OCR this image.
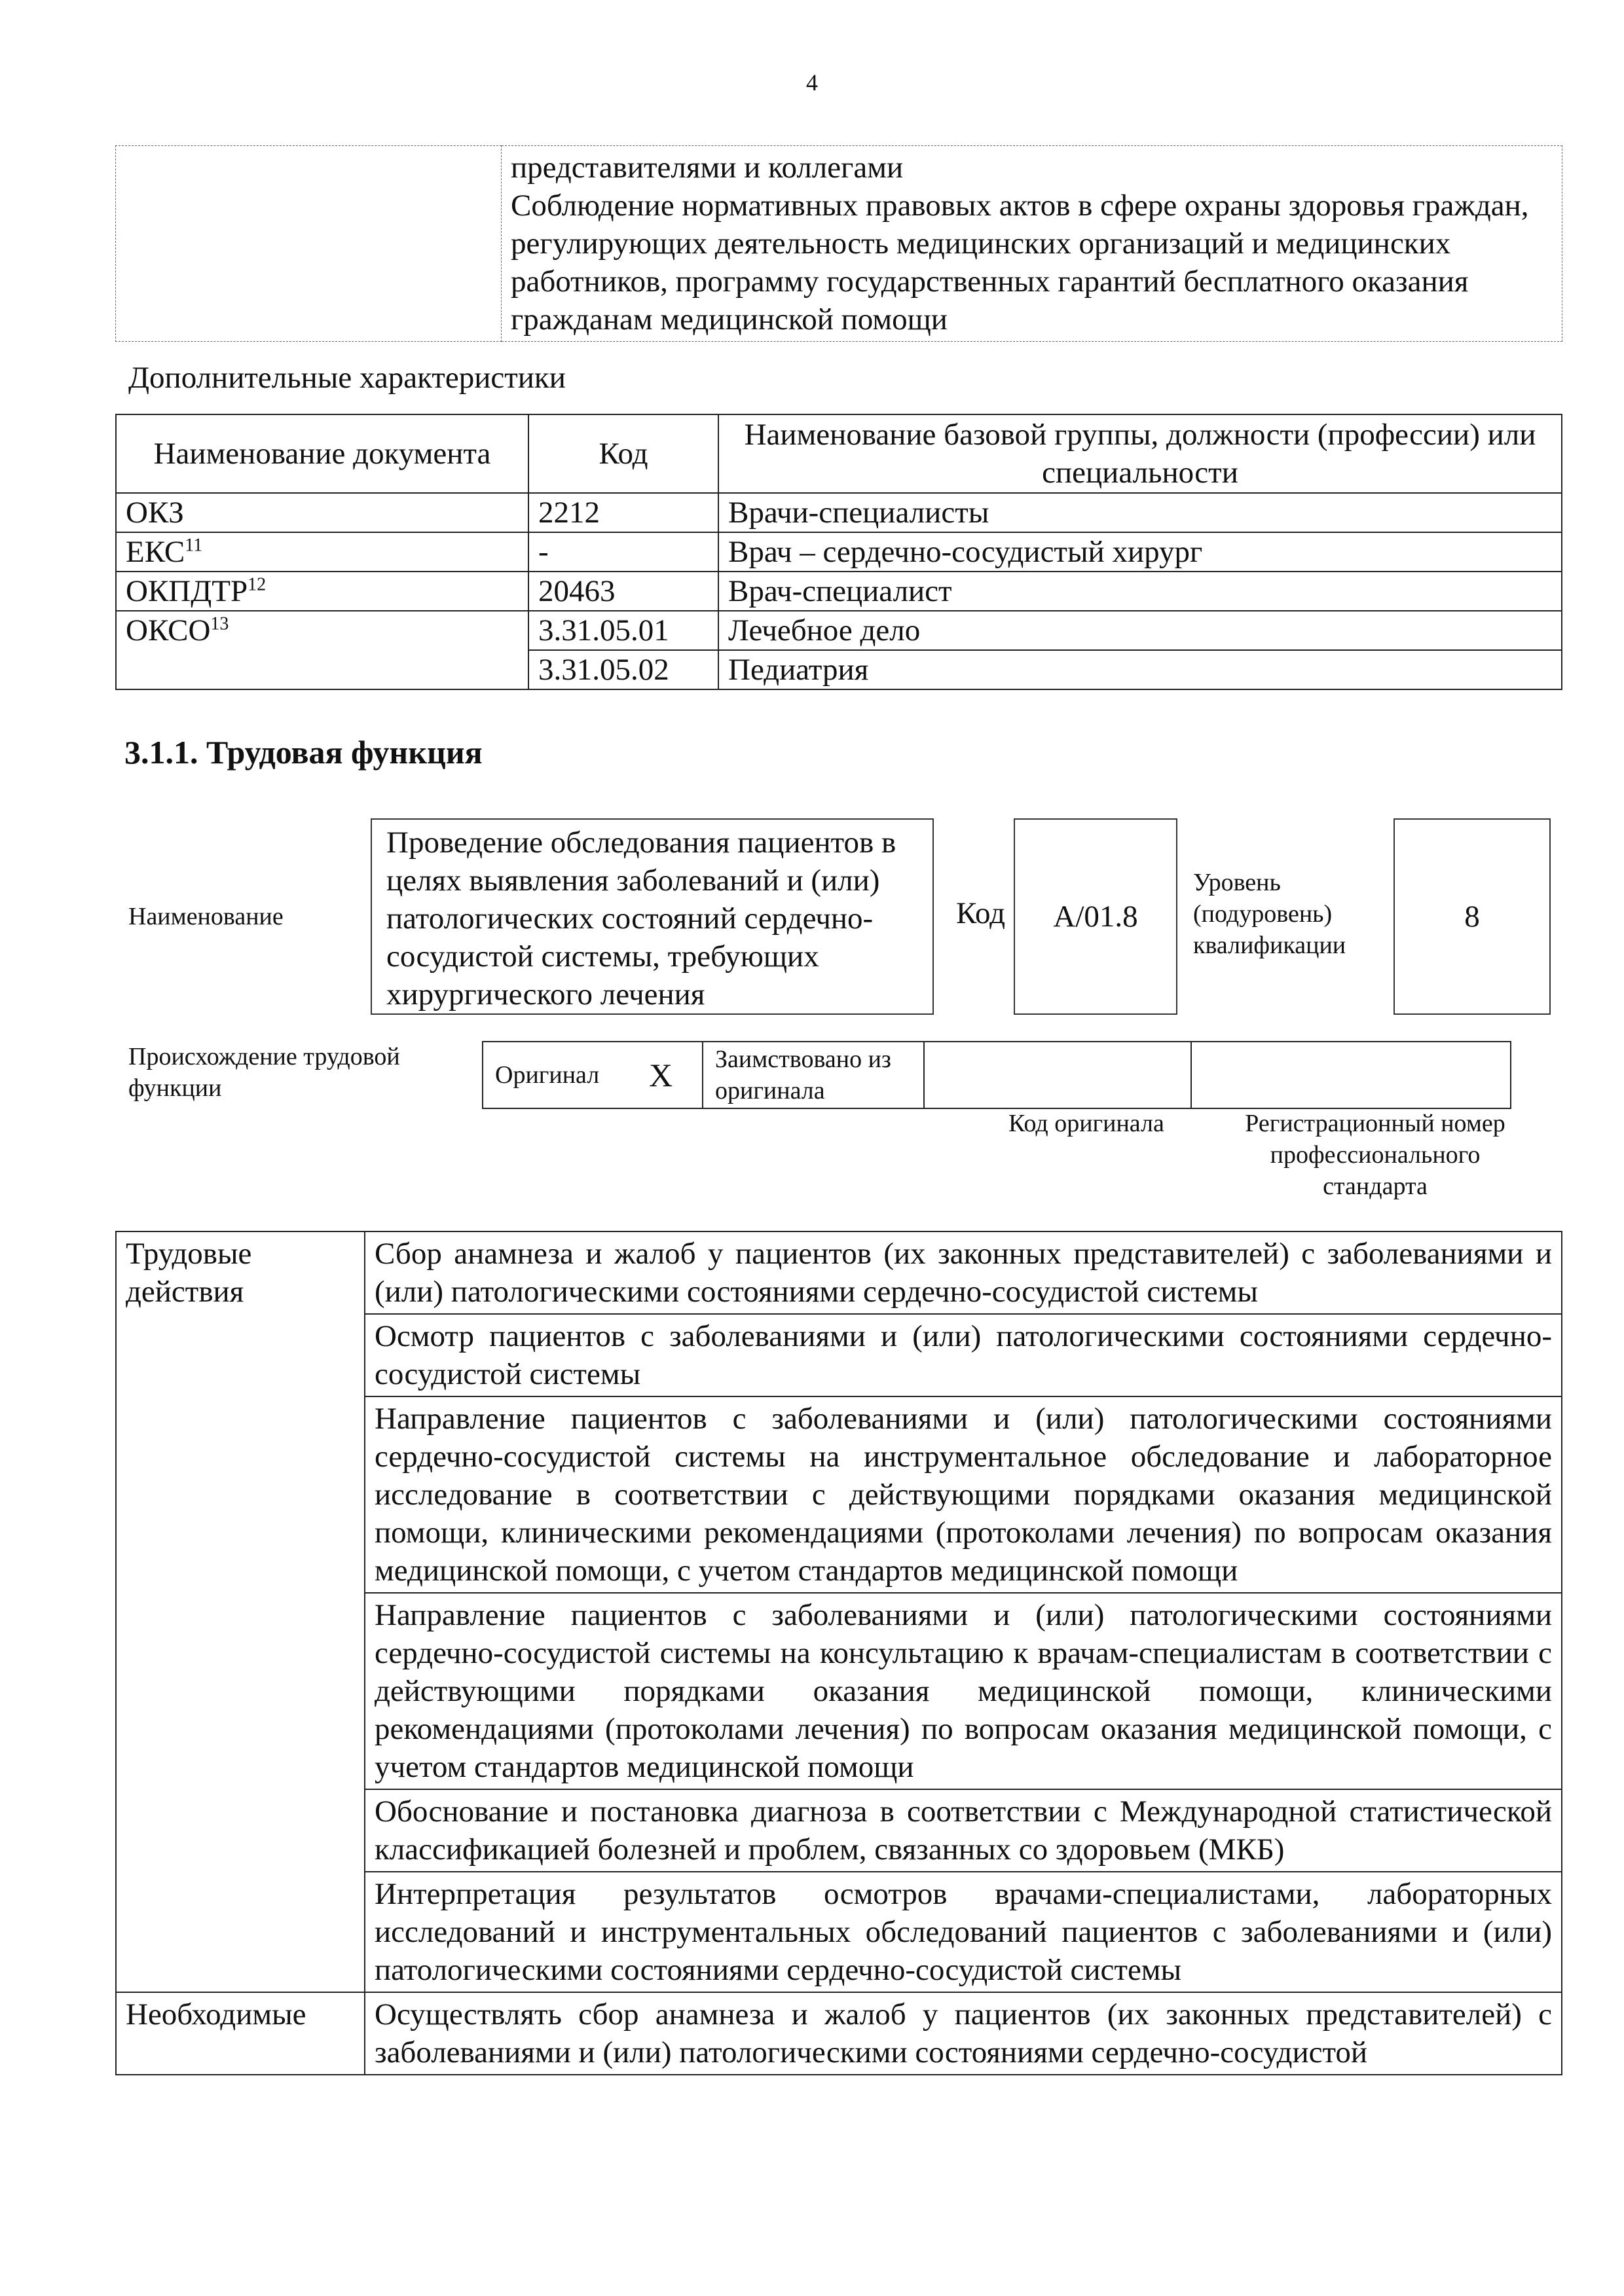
4

представителями и коллегами
Соблюдение нормативных правовых актов в сфере охраны здоровья граждан, регулирующих деятельность медицинских организаций и медицинских работников, программу государственных гарантий бесплатного оказания гражданам медицинской помощи
Дополнительные характеристики
Наименование документа	Код	Наименование базовой группы, должности (профессии) или специальности
ОКЗ	2212	Врачи-специалисты
ЕКС$^{11}$	-	Врач – сердечно-сосудистый хирург
ОКПДТР$^{12}$	20463	Врач-специалист
ОКСО$^{13}$	3.31.05.01	Лечебное дело
	3.31.05.02	Педиатрия
3.1.1. Трудовая функция
Наименование
Проведение обследования пациентов в целях выявления заболеваний и (или) патологических состояний сердечно-сосудистой системы, требующих хирургического лечения
Код А/01.8
Уровень (подуровень) квалификации
8
Происхождение трудовой функции	Оригинал	X	Заимствовано из оригинала		
Код оригинала	Регистрационный номер профессионального стандарта
Трудовые действия	Сбор анамнеза и жалоб у пациентов (их законных представителей) с заболеваниями и (или) патологическими состояниями сердечно-сосудистой системы
	Осмотр пациентов с заболеваниями и (или) патологическими состояниями сердечно-сосудистой системы
	Направление пациентов с заболеваниями и (или) патологическими состояниями сердечно-сосудистой системы на инструментальное обследование и лабораторное исследование в соответствии с действующими порядками оказания медицинской помощи, клиническими рекомендациями (протоколами лечения) по вопросам оказания медицинской помощи, с учетом стандартов медицинской помощи
	Направление пациентов с заболеваниями и (или) патологическими состояниями сердечно-сосудистой системы на консультацию к врачам-специалистам в соответствии с действующими порядками оказания медицинской помощи, клиническими рекомендациями (протоколами лечения) по вопросам оказания медицинской помощи, с учетом стандартов медицинской помощи
	Обоснование и постановка диагноза в соответствии с Международной статистической классификацией болезней и проблем, связанных со здоровьем (МКБ)
	Интерпретация результатов осмотров врачами-специалистами, лабораторных исследований и инструментальных обследований пациентов с заболеваниями и (или) патологическими состояниями сердечно-сосудистой системы
Необходимые	Осуществлять сбор анамнеза и жалоб у пациентов (их законных представителей) с заболеваниями и (или) патологическими состояниями сердечно-сосудистой
